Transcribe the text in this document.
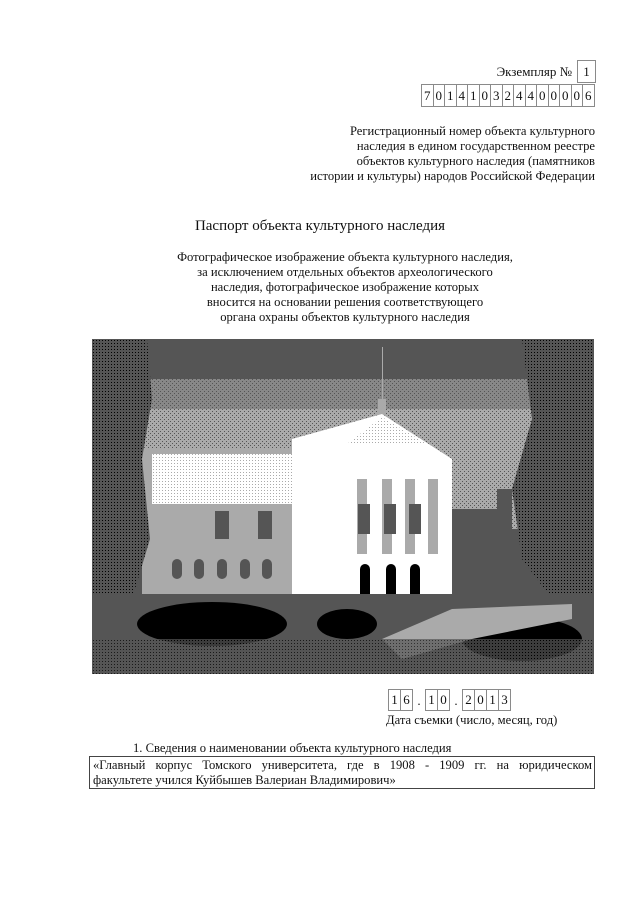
Экземпляр № 1
7 0 1 4 1 0 3 2 4 4 0 0 0 0 6
Регистрационный номер объекта культурного
наследия в едином государственном реестре
объектов культурного наследия (памятников
истории и культуры) народов Российской Федерации
Паспорт объекта культурного наследия
Фотографическое изображение объекта культурного наследия,
за исключением отдельных объектов археологического
наследия, фотографическое изображение которых
вносится на основании решения соответствующего
органа охраны объектов культурного наследия
1 6 . 1 0 . 2 0 1 3
Дата съемки (число, месяц, год)
1. Сведения о наименовании объекта культурного наследия
«Главный корпус Томского университета, где в 1908 - 1909 гг. на юридическом
факультете учился Куйбышев Валериан Владимирович»
